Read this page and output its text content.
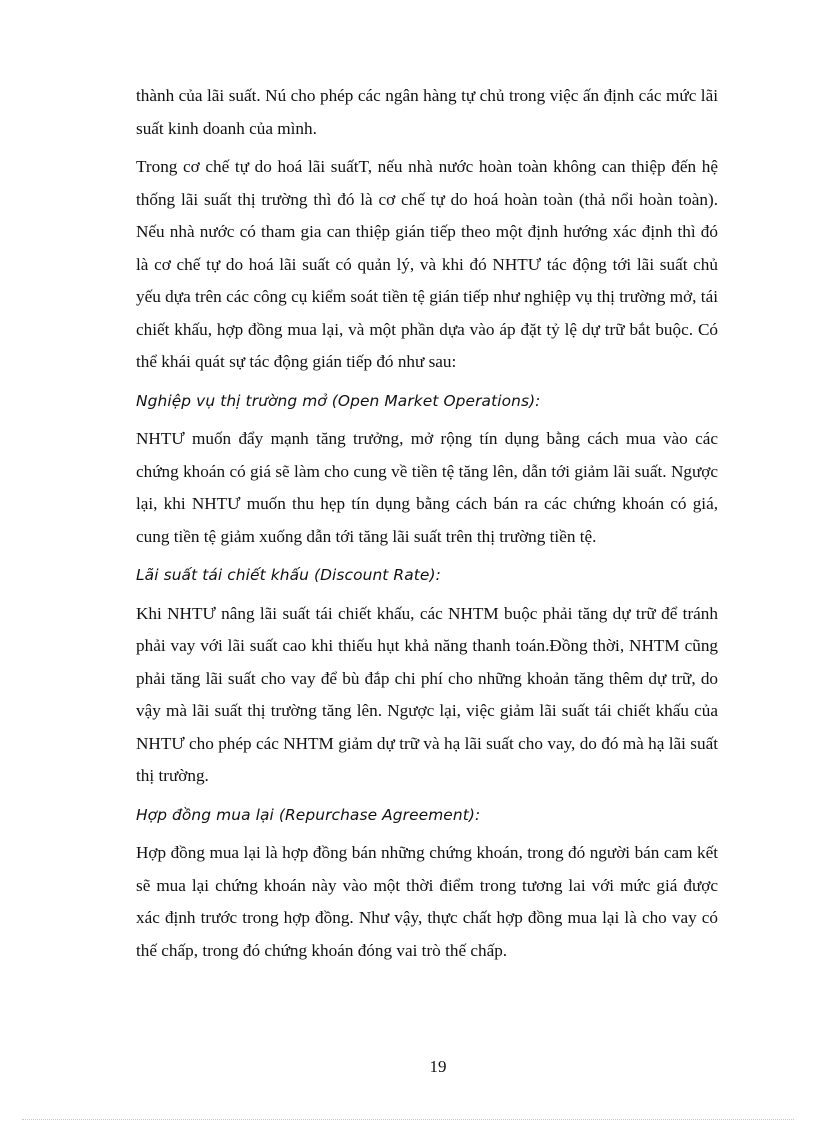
thành của lãi suất. Nú cho phép các ngân hàng tự chủ trong việc ấn định các mức lãi suất kinh doanh của mình.
Trong cơ chế tự do hoá lãi suấtT, nếu nhà nước hoàn toàn không can thiệp đến hệ thống lãi suất thị trường thì đó là cơ chế tự do hoá hoàn toàn (thả nổi hoàn toàn). Nếu nhà nước có tham gia can thiệp gián tiếp theo một định hướng xác định thì đó là cơ chế tự do hoá lãi suất có quản lý, và khi đó NHTƯ tác động tới lãi suất chủ yếu dựa trên các công cụ kiểm soát tiền tệ gián tiếp như nghiệp vụ thị trường mở, tái chiết khấu, hợp đồng mua lại, và một phần dựa vào áp đặt tỷ lệ dự trữ bắt buộc. Có thể khái quát sự tác động gián tiếp đó như sau:
Nghiệp vụ thị trường mở (Open Market Operations):
NHTƯ muốn đẩy mạnh tăng trưởng, mở rộng tín dụng bằng cách mua vào các chứng khoán có giá sẽ làm cho cung về tiền tệ tăng lên, dẫn tới giảm lãi suất. Ngược lại, khi NHTƯ muốn thu hẹp tín dụng bằng cách bán ra các chứng khoán có giá, cung tiền tệ giảm xuống dẫn tới tăng lãi suất trên thị trường tiền tệ.
Lãi suất tái chiết khấu (Discount Rate):
Khi NHTƯ nâng lãi suất tái chiết khấu, các NHTM buộc phải tăng dự trữ để tránh phải vay với lãi suất cao khi thiếu hụt khả năng thanh toán.Đồng thời, NHTM cũng phải tăng lãi suất cho vay để bù đắp chi phí cho những khoản tăng thêm dự trữ, do vậy mà lãi suất thị trường tăng lên. Ngược lại, việc giảm lãi suất tái chiết khấu của NHTƯ cho phép các NHTM giảm dự trữ và hạ lãi suất cho vay, do đó mà hạ lãi suất thị trường.
Hợp đồng mua lại (Repurchase Agreement):
Hợp đồng mua lại là hợp đồng bán những chứng khoán, trong đó người bán cam kết sẽ mua lại chứng khoán này vào một thời điểm trong tương lai với mức giá được xác định trước trong hợp đồng. Như vậy, thực chất hợp đồng mua lại là cho vay có thế chấp, trong đó chứng khoán đóng vai trò thế chấp.
19
